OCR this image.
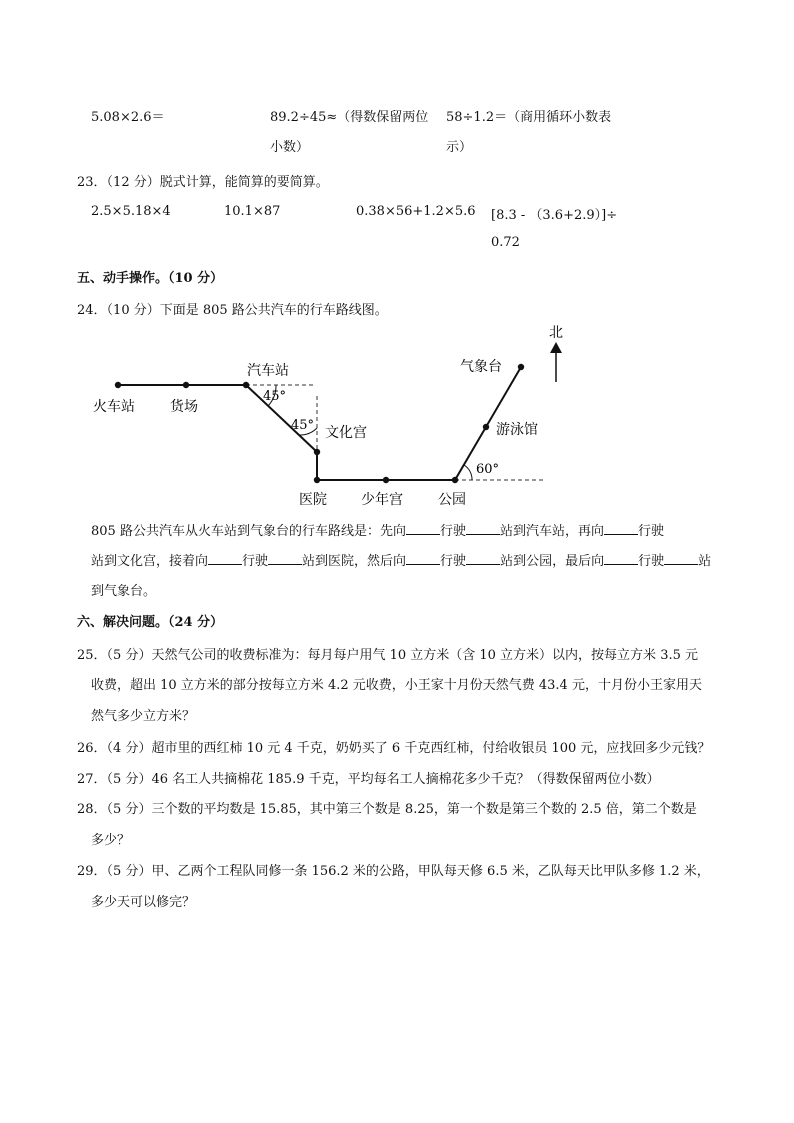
5.08×2.6＝	89.2÷45≈（得数保留两位
小数）
58÷1.2＝（商用循环小数表
示）
23．（12 分）脱式计算，能简算的要简算。
2.5×5.18×4	10.1×87	0.38×56+1.2×5.6 [8.3 - （3.6+2.9）]÷
0.72
五、动手操作。（10 分）
24．（10 分）下面是 805 路公共汽车的行车路线图。
北
火车站	货场
汽车站
文化宫
医院 少年宫	公园
游泳馆
气象台
45°
45°
60°
805 路公共汽车从火车站到气象台的行车路线是：先向	行驶	站到汽车站，再向	行驶
站到文化宫，接着向	行驶	站到医院，然后向	行驶	站到公园，最后向	行驶	站
到气象台。
六、解决问题。（24 分）
25．（5 分）天然气公司的收费标准为：每月每户用气 10 立方米（含 10 立方米）以内，按每立方米 3.5 元
收费，超出 10 立方米的部分按每立方米 4.2 元收费，小王家十月份天然气费 43.4 元，十月份小王家用天
然气多少立方米？
26．（4 分）超市里的西红柿 10 元 4 千克，奶奶买了 6 千克西红柿，付给收银员 100 元，应找回多少元钱？
27．（5 分）46 名工人共摘棉花 185.9 千克，平均每名工人摘棉花多少千克？（得数保留两位小数）
28．（5 分）三个数的平均数是 15.85，其中第三个数是 8.25，第一个数是第三个数的 2.5 倍，第二个数是
多少？
29．（5 分）甲、乙两个工程队同修一条 156.2 米的公路，甲队每天修 6.5 米，乙队每天比甲队多修 1.2 米，
多少天可以修完？
